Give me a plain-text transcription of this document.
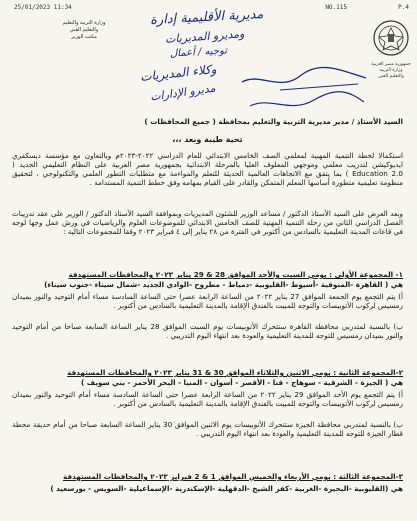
25/01/2023 11:34	NO.115	P.4
وزارة التربية والتعليم
والتعليم الفني
مكتب الوزير
جمهورية مصر العربية
وزارة التربية
والتعليم الفني
مديرية الأقليمية إدارة
ومديرو المديريات
توجيه / أعمال
وكلاء المديريات
مديرو الإدارات
السيد الأستاذ / مدير مديرية التربية والتعليم بمحافظة ( جميع المحافظات )
تحية طيبة وبعد ،،،
استكمالا لخطة التنمية المهنية لمعلمي الصف الخامس الابتدائي للعام الدراسي ٢٠٢٢-٢٠٢٣م وبالتعاون مع مؤسسة ديسكفري ايديوكيشن لتدريب معلمي وموجهي المعلوف العليا بالمرحلة الابتدائية بجمهورية مصر العربية على النظام التعليمي الجديد ( Education 2.0 ) بما يتفق مع الاتجاهات العالمية الحديثة للتعلم والمواءمة مع متطلبات التطور العلمي والتكنولوجي ، لتحقيق منظومة تعليمية متطورة أساسها المعلم المتمكن والقادر على القيام بمهامه وفق خطط التنمية المستدامة .
وبعد العرض على السيد الأستاذ الدكتور / مساعد الوزير للشئون المديريات وبموافقة السيد الأستاذ الدكتور / الوزير على عقد تدريبات الفصل الدراسي الثاني من رحلة التنمية المهنية للصف الخامس الابتدائي للموضوعات العلوم والرياضيات في ورش عمل وجها لوجه في قاعات المدينة التعليمية بالسادس من أكتوبر في الفترة من ٢٨ يناير إلى ٤ فبراير ٢٠٢٣ وفقا للمجموعات التالية :
١- المجموعة الأولى : يومي السبت والأحد الموافق 28 & 29 يناير ٢٠٢٣ والمحافظات المستهدفة
هي ( القاهرة -المنوفية -أسيوط -القليوبية -دمياط - مطروح -الوادي الجديد -شمال سيناء -جنوب سيناء)
أ) يتم التجمع يوم الجمعة الموافق 27 يناير ٢٠٢٢ من الساعة الرابعة عصرا حتى الساعة السادسة مساء أمام التوحيد والنور بميدان رمسيس لركوب الأتوبيسات والتوجه للمبيت بالفندق الإقامة بالمدينة التعليمية بالسادس من أكتوبر .
ب) بالنسبة لمتدربي محافظة القاهرة ستتحرك الأتوبيسات يوم السبت الموافق 28 يناير الساعة السابعة صباحا من أمام التوحيد والنور بميدان رمسيس للتوجه للمدينة التعليمية والعودة بعد انتهاء اليوم التدريبي .
٢-المجموعة الثانية : يومي الاثنين والثلاثاء الموافق 30 & 31 يناير ٢٠٢٣ والمحافظات المستهدفة
هي ( الجيزة - الشرقية - سوهاج - قنا - الأقصر - أسوان - المنيا - البحر الأحمر - بني سويف )
أ) يتم التجمع يوم الأحد الموافق 29 يناير ٢٠٢٢ من الساعة الرابعة عصرا حتى الساعة السادسة مساء أمام التوحيد والنور بميدان رمسيس لركوب الأتوبيسات والتوجه للمبيت بالفندق الإقامة بالمدينة التعليمية بالسادس من أكتوبر .
ب) بالنسبة لمتدربي محافظة الجيزة ستتحرك الأتوبيسات يوم الاثنين الموافق 30 يناير الساعة السابعة صباحا من أمام حديقة محطة قطار الجيزة للتوجه للمدينة التعليمية والعودة بعد انتهاء اليوم التدريبي .
٣-المجموعة الثالثة : يومي الأربعاء والخميس الموافق 1 & 2 فبراير ٢٠٢٣ والمحافظات المستهدفة
هي (القليوبية -البحيرة -الغربية -كفر الشيخ -الدقهلية -الإسكندرية -الإسماعيلية -السويس - بورسعيد )
